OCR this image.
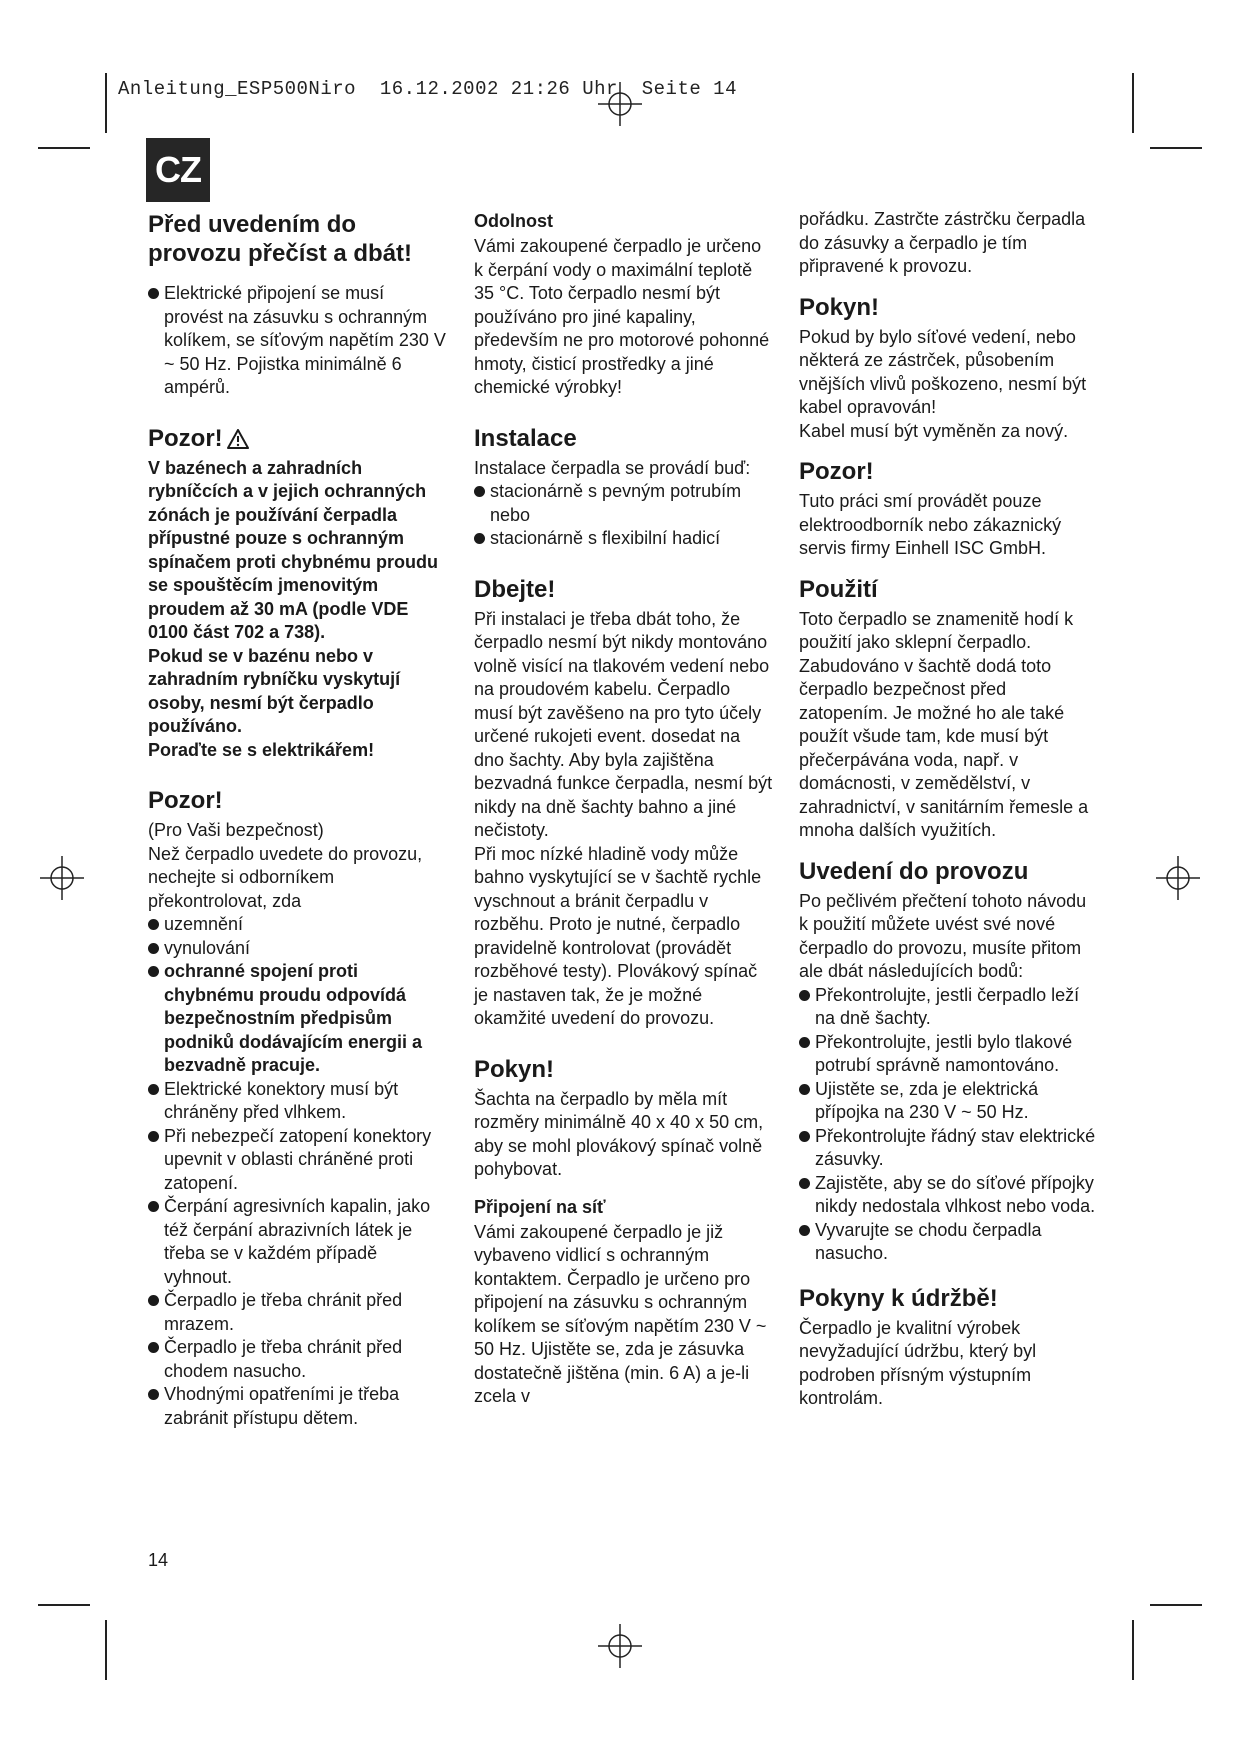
Anleitung_ESP500Niro 16.12.2002 21:26 Uhr Seite 14
CZ
Před uvedením do provozu přečíst a dbát!
Elektrické připojení se musí provést na zásuvku s ochranným kolíkem, se síťovým napětím 230 V ~ 50 Hz. Pojistka minimálně 6 ampérů.
Pozor!

V bazénech a zahradních rybníčcích a v jejich ochranných zónách je používání čerpadla přípustné pouze s ochranným spínačem proti chybnému proudu se spouštěcím jmenovitým proudem až 30 mA (podle VDE 0100 část 702 a 738).

Pokud se v bazénu nebo v zahradním rybníčku vyskytují osoby, nesmí být čerpadlo používáno.

Poraďte se s elektrikářem!

Pozor!

(Pro Vaši bezpečnost)

Než čerpadlo uvedete do provozu, nechejte si odborníkem překontrolovat, zda

uzemnění
vynulování
ochranné spojení proti chybnému proudu odpovídá bezpečnostním předpisům podniků dodávajícím energii a bezvadně pracuje.
Elektrické konektory musí být chráněny před vlhkem.
Při nebezpečí zatopení konektory upevnit v oblasti chráněné proti zatopení.
Čerpání agresivních kapalin, jako též čerpání abrazivních látek je třeba se v každém případě vyhnout.
Čerpadlo je třeba chránit před mrazem.
Čerpadlo je třeba chránit před chodem nasucho.
Vhodnými opatřeními je třeba zabránit přístupu dětem.
Odolnost

Vámi zakoupené čerpadlo je určeno k čerpání vody o maximální teplotě 35 °C. Toto čerpadlo nesmí být používáno pro jiné kapaliny, především ne pro motorové pohonné hmoty, čisticí prostředky a jiné chemické výrobky!

Instalace

Instalace čerpadla se provádí buď:

stacionárně s pevným potrubím nebo
stacionárně s flexibilní hadicí
Dbejte!

Při instalaci je třeba dbát toho, že čerpadlo nesmí být nikdy montováno volně visící na tlakovém vedení nebo na proudovém kabelu. Čerpadlo musí být zavěšeno na pro tyto účely určené rukojeti event. dosedat na dno šachty. Aby byla zajištěna bezvadná funkce čerpadla, nesmí být nikdy na dně šachty bahno a jiné nečistoty.

Při moc nízké hladině vody může bahno vyskytující se v šachtě rychle vyschnout a bránit čerpadlu v rozběhu. Proto je nutné, čerpadlo pravidelně kontrolovat (provádět rozběhové testy). Plovákový spínač je nastaven tak, že je možné okamžité uvedení do provozu.

Pokyn!

Šachta na čerpadlo by měla mít rozměry minimálně 40 x 40 x 50 cm, aby se mohl plovákový spínač volně pohybovat.

Připojení na síť

Vámi zakoupené čerpadlo je již vybaveno vidlicí s ochranným kontaktem. Čerpadlo je určeno pro připojení na zásuvku s ochranným kolíkem se síťovým napětím 230 V ~ 50 Hz. Ujistěte se, zda je zásuvka dostatečně jištěna (min. 6 A) a je-li zcela v

pořádku. Zastrčte zástrčku čerpadla do zásuvky a čerpadlo je tím připravené k provozu.

Pokyn!

Pokud by bylo síťové vedení, nebo některá ze zástrček, působením vnějších vlivů poškozeno, nesmí být kabel opravován!

Kabel musí být vyměněn za nový.

Pozor!

Tuto práci smí provádět pouze elektroodborník nebo zákaznický servis firmy Einhell ISC GmbH.

Použití

Toto čerpadlo se znamenitě hodí k použití jako sklepní čerpadlo. Zabudováno v šachtě dodá toto čerpadlo bezpečnost před zatopením. Je možné ho ale také použít všude tam, kde musí být přečerpávána voda, např. v domácnosti, v zemědělství, v zahradnictví, v sanitárním řemesle a mnoha dalších využitích.

Uvedení do provozu

Po pečlivém přečtení tohoto návodu k použití můžete uvést své nové čerpadlo do provozu, musíte přitom ale dbát následujících bodů:

Překontrolujte, jestli čerpadlo leží na dně šachty.
Překontrolujte, jestli bylo tlakové potrubí správně namontováno.
Ujistěte se, zda je elektrická přípojka na 230 V ~ 50 Hz.
Překontrolujte řádný stav elektrické zásuvky.
Zajistěte, aby se do síťové přípojky nikdy nedostala vlhkost nebo voda.
Vyvarujte se chodu čerpadla nasucho.
Pokyny k údržbě!

Čerpadlo je kvalitní výrobek nevyžadující údržbu, který byl podroben přísným výstupním kontrolám.

14
